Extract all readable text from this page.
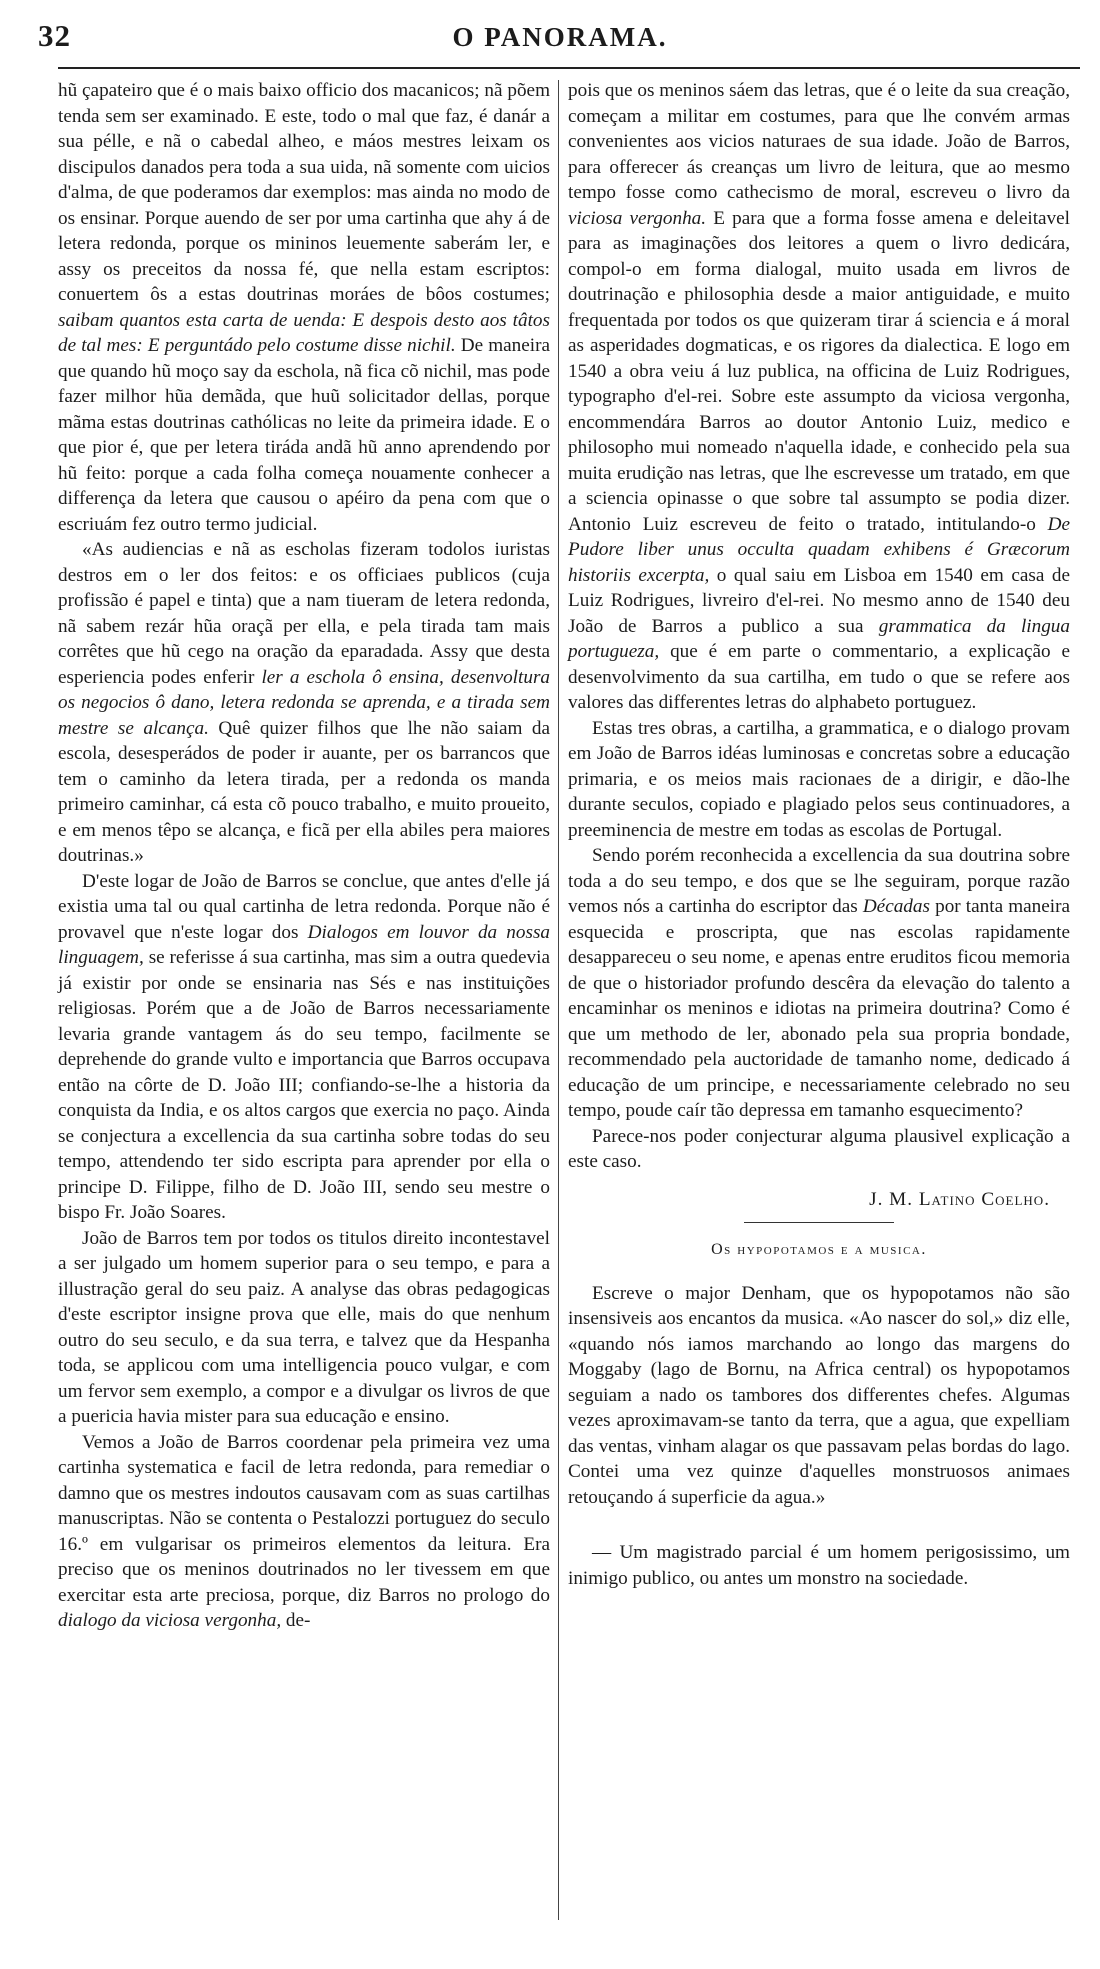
32	O PANORAMA.

hũ çapateiro que é o mais baixo officio dos macanicos; nã põem tenda sem ser examinado. E este, todo o mal que faz, é danár a sua pélle, e nã o cabedal alheo, e máos mestres leixam os discipulos danados pera toda a sua uida, nã somente com uicios d'alma, de que poderamos dar exemplos: mas ainda no modo de os ensinar. Porque auendo de ser por uma cartinha que ahy á de letera redonda, porque os mininos leuemente saberám ler, e assy os preceitos da nossa fé, que nella estam escriptos: conuertem ôs a estas doutrinas moráes de bôos costumes; saibam quantos esta carta de uenda: E despois desto aos tâtos de tal mes: E perguntádo pelo costume disse nichil. De maneira que quando hũ moço say da eschola, nã fica cõ nichil, mas pode fazer milhor hũa demãda, que huũ solicitador dellas, porque mãma estas doutrinas cathólicas no leite da primeira idade. E o que pior é, que per letera tiráda andã hũ anno aprendendo por hũ feito: porque a cada folha começa nouamente conhecer a differença da letera que causou o apéiro da pena com que o escriuám fez outro termo judicial.

«As audiencias e nã as escholas fizeram todolos iuristas destros em o ler dos feitos: e os officiaes publicos (cuja profissão é papel e tinta) que a nam tiueram de letera redonda, nã sabem rezár hũa oraçã per ella, e pela tirada tam mais corrêtes que hũ cego na oração da eparadada. Assy que desta esperiencia podes enferir ler a eschola ô ensina, desenvoltura os negocios ô dano, letera redonda se aprenda, e a tirada sem mestre se alcança. Quê quizer filhos que lhe não saiam da escola, desesperádos de poder ir auante, per os barrancos que tem o caminho da letera tirada, per a redonda os manda primeiro caminhar, cá esta cõ pouco trabalho, e muito proueito, e em menos têpo se alcança, e ficã per ella abiles pera maiores doutrinas.»

D'este logar de João de Barros se conclue, que antes d'elle já existia uma tal ou qual cartinha de letra redonda. Porque não é provavel que n'este logar dos Dialogos em louvor da nossa linguagem, se referisse á sua cartinha, mas sim a outra quedevia já existir por onde se ensinaria nas Sés e nas instituições religiosas. Porém que a de João de Barros necessariamente levaria grande vantagem ás do seu tempo, facilmente se deprehende do grande vulto e importancia que Barros occupava então na côrte de D. João III; confiando-se-lhe a historia da conquista da India, e os altos cargos que exercia no paço. Ainda se conjectura a excellencia da sua cartinha sobre todas do seu tempo, attendendo ter sido escripta para aprender por ella o principe D. Filippe, filho de D. João III, sendo seu mestre o bispo Fr. João Soares.

João de Barros tem por todos os titulos direito incontestavel a ser julgado um homem superior para o seu tempo, e para a illustração geral do seu paiz. A analyse das obras pedagogicas d'este escriptor insigne prova que elle, mais do que nenhum outro do seu seculo, e da sua terra, e talvez que da Hespanha toda, se applicou com uma intelligencia pouco vulgar, e com um fervor sem exemplo, a compor e a divulgar os livros de que a puericia havia mister para sua educação e ensino.

Vemos a João de Barros coordenar pela primeira vez uma cartinha systematica e facil de letra redonda, para remediar o damno que os mestres indoutos causavam com as suas cartilhas manuscriptas. Não se contenta o Pestalozzi portuguez do seculo 16.º em vulgarisar os primeiros elementos da leitura. Era preciso que os meninos doutrinados no ler tivessem em que exercitar esta arte preciosa, porque, diz Barros no prologo do dialogo da viciosa vergonha, de-

pois que os meninos sáem das letras, que é o leite da sua creação, começam a militar em costumes, para que lhe convém armas convenientes aos vicios naturaes de sua idade. João de Barros, para offerecer ás creanças um livro de leitura, que ao mesmo tempo fosse como cathecismo de moral, escreveu o livro da viciosa vergonha. E para que a forma fosse amena e deleitavel para as imaginações dos leitores a quem o livro dedicára, compol-o em forma dialogal, muito usada em livros de doutrinação e philosophia desde a maior antiguidade, e muito frequentada por todos os que quizeram tirar á sciencia e á moral as asperidades dogmaticas, e os rigores da dialectica. E logo em 1540 a obra veiu á luz publica, na officina de Luiz Rodrigues, typographo d'el-rei. Sobre este assumpto da viciosa vergonha, encommendára Barros ao doutor Antonio Luiz, medico e philosopho mui nomeado n'aquella idade, e conhecido pela sua muita erudição nas letras, que lhe escrevesse um tratado, em que a sciencia opinasse o que sobre tal assumpto se podia dizer. Antonio Luiz escreveu de feito o tratado, intitulando-o De Pudore liber unus occulta quadam exhibens é Græcorum historiis excerpta, o qual saiu em Lisboa em 1540 em casa de Luiz Rodrigues, livreiro d'el-rei. No mesmo anno de 1540 deu João de Barros a publico a sua grammatica da lingua portugueza, que é em parte o commentario, a explicação e desenvolvimento da sua cartilha, em tudo o que se refere aos valores das differentes letras do alphabeto portuguez.

Estas tres obras, a cartilha, a grammatica, e o dialogo provam em João de Barros idéas luminosas e concretas sobre a educação primaria, e os meios mais racionaes de a dirigir, e dão-lhe durante seculos, copiado e plagiado pelos seus continuadores, a preeminencia de mestre em todas as escolas de Portugal.

Sendo porém reconhecida a excellencia da sua doutrina sobre toda a do seu tempo, e dos que se lhe seguiram, porque razão vemos nós a cartinha do escriptor das Décadas por tanta maneira esquecida e proscripta, que nas escolas rapidamente desappareceu o seu nome, e apenas entre eruditos ficou memoria de que o historiador profundo descêra da elevação do talento a encaminhar os meninos e idiotas na primeira doutrina? Como é que um methodo de ler, abonado pela sua propria bondade, recommendado pela auctoridade de tamanho nome, dedicado á educação de um principe, e necessariamente celebrado no seu tempo, poude caír tão depressa em tamanho esquecimento?

Parece-nos poder conjecturar alguma plausivel explicação a este caso.

J. M. Latino Coelho.
Os hypopotamos e a musica.

Escreve o major Denham, que os hypopotamos não são insensiveis aos encantos da musica. «Ao nascer do sol,» diz elle, «quando nós iamos marchando ao longo das margens do Moggaby (lago de Bornu, na Africa central) os hypopotamos seguiam a nado os tambores dos differentes chefes. Algumas vezes aproximavam-se tanto da terra, que a agua, que expelliam das ventas, vinham alagar os que passavam pelas bordas do lago. Contei uma vez quinze d'aquelles monstruosos animaes retouçando á superficie da agua.»

— Um magistrado parcial é um homem perigosissimo, um inimigo publico, ou antes um monstro na sociedade.
